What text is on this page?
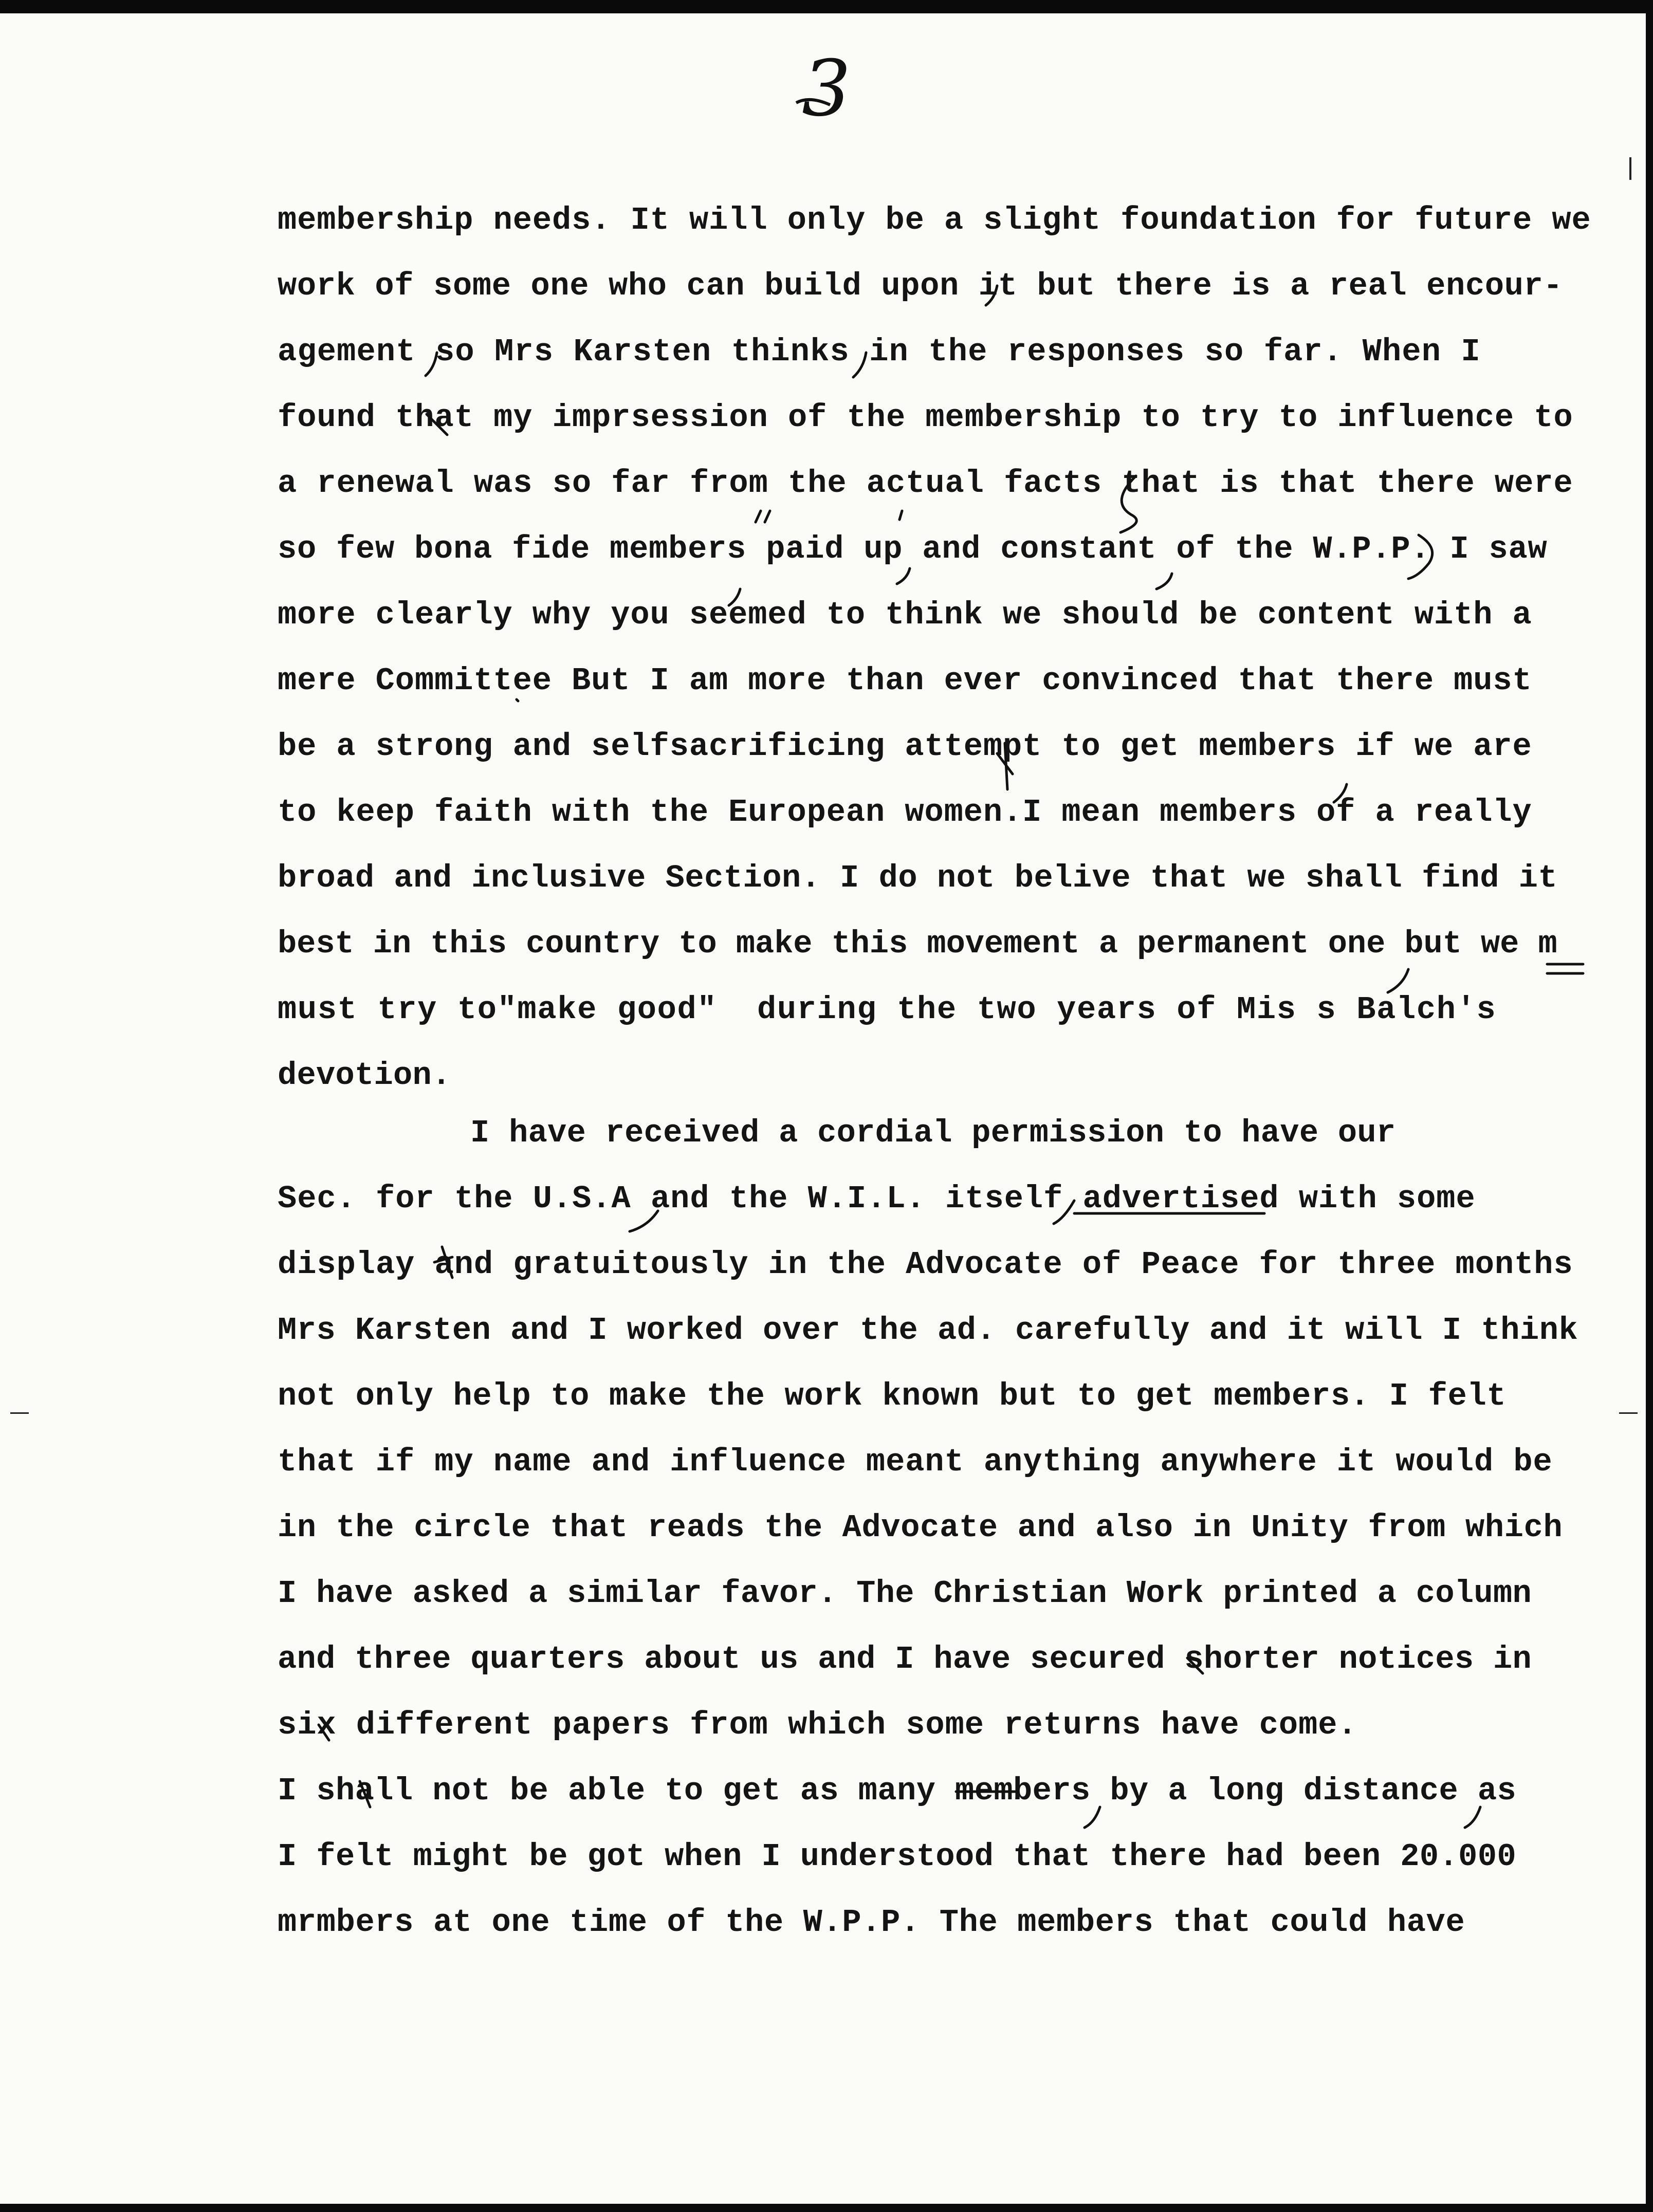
3
membership needs. It will only be a slight foundation for future we
work of some one who can build upon it but there is a real encour-
agement so Mrs Karsten thinks in the responses so far. When I
found that my imprsession of the membership to try to influence to
a renewal was so far from the actual facts that is that there were
so few bona fide members paid up and constant of the W.P.P. I saw
more clearly why you seemed to think we should be content with a
mere Committee But I am more than ever convinced that there must
be a strong and selfsacrificing attempt to get members if we are
to keep faith with the European women.I mean members of a really
broad and inclusive Section. I do not belive that we shall find it
best in this country to make this movement a permanent one but we m
must try to"make good"  during the two years of Mis s Balch's
devotion.
I have received a cordial permission to have our
Sec. for the U.S.A and the W.I.L. itself advertised with some
display and gratuitously in the Advocate of Peace for three months
Mrs Karsten and I worked over the ad. carefully and it will I think
not only help to make the work known but to get members. I felt
that if my name and influence meant anything anywhere it would be
in the circle that reads the Advocate and also in Unity from which
I have asked a similar favor. The Christian Work printed a column
and three quarters about us and I have secured shorter notices in
six different papers from which some returns have come.
I shall not be able to get as many members by a long distance as
I felt might be got when I understood that there had been 20.000
mrmbers at one time of the W.P.P. The members that could have
